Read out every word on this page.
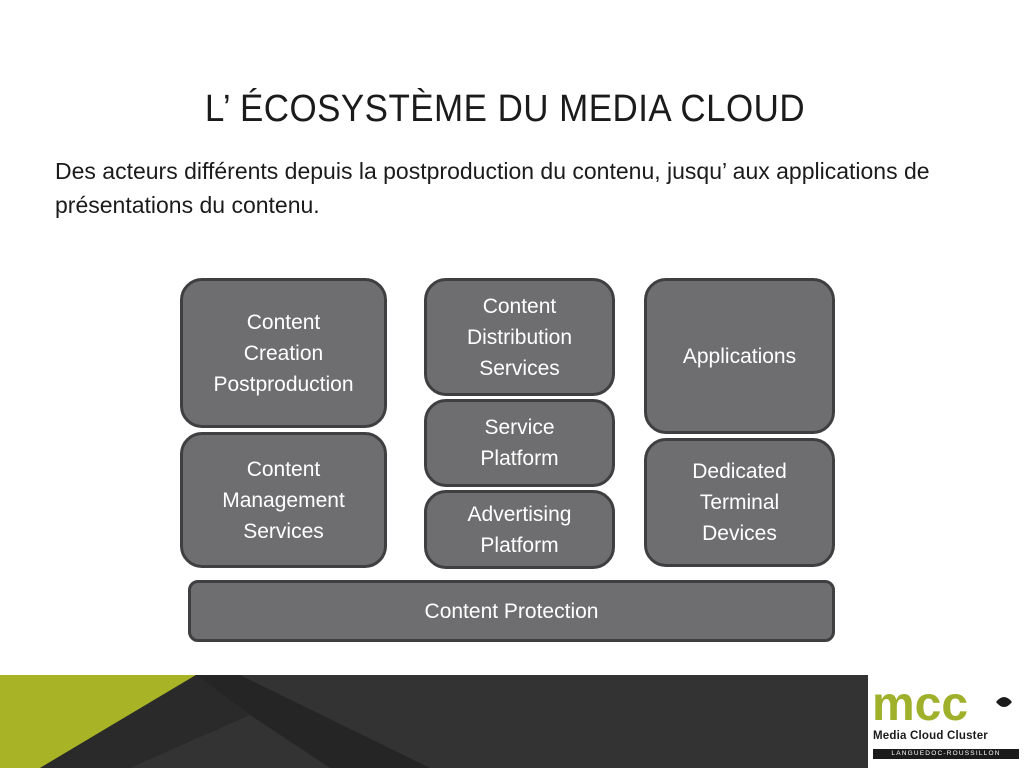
L’ ÉCOSYSTÈME DU MEDIA CLOUD
Des acteurs différents depuis la postproduction du contenu, jusqu’ aux applications de présentations du contenu.
Content
Creation
Postproduction
Content
Management
Services
Content
Distribution
Services
Service
Platform
Advertising
Platform
Applications
Dedicated
Terminal
Devices
Content Protection
mcc
Media Cloud Cluster
LANGUEDOC-ROUSSILLON
